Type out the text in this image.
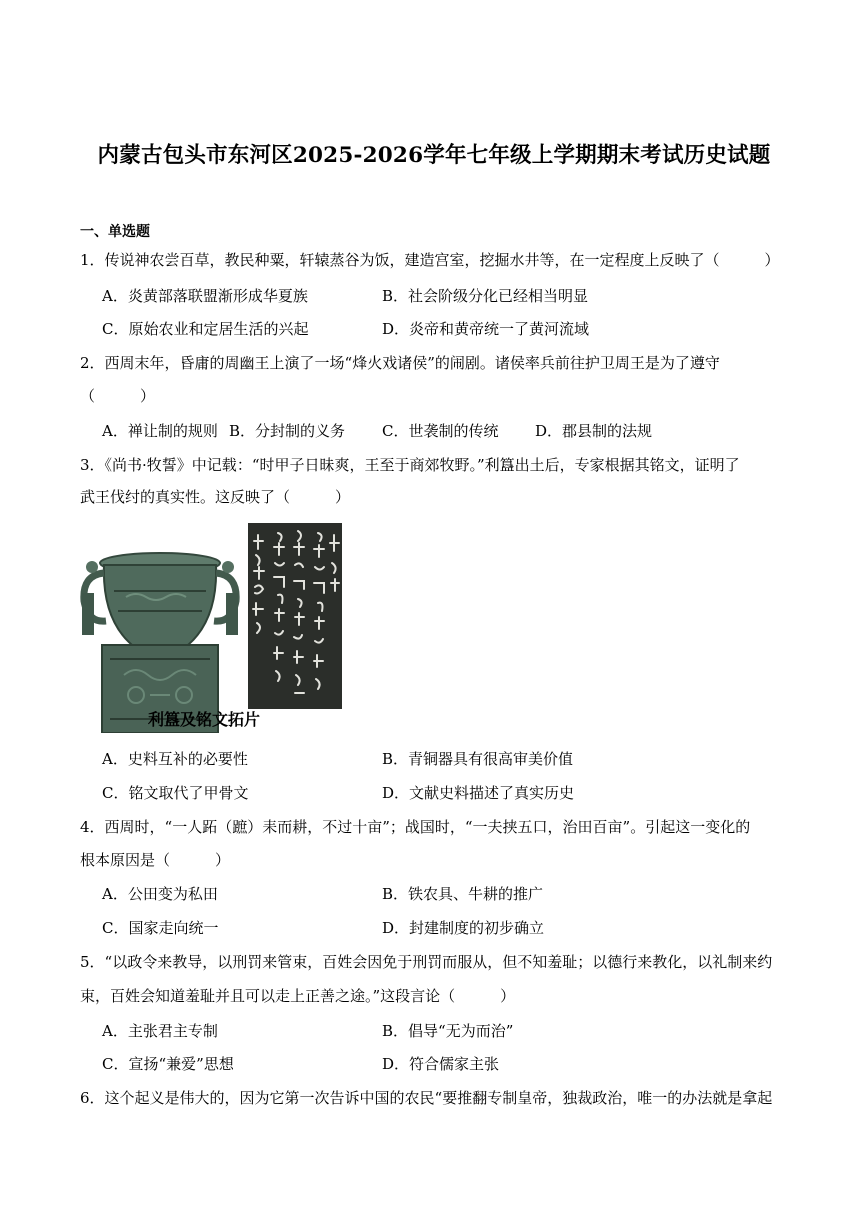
内蒙古包头市东河区2025-2026学年七年级上学期期末考试历史试题
一、单选题
1．传说神农尝百草，教民种粟，轩辕蒸谷为饭，建造宫室，挖掘水井等，在一定程度上反映了（　　　）
A．炎黄部落联盟渐形成华夏族	B．社会阶级分化已经相当明显
C．原始农业和定居生活的兴起	D．炎帝和黄帝统一了黄河流域
2．西周末年，昏庸的周幽王上演了一场“烽火戏诸侯”的闹剧。诸侯率兵前往护卫周王是为了遵守
（　　　）
A．禅让制的规则 B．分封制的义务 C．世袭制的传统 D．郡县制的法规
3．《尚书·牧誓》中记载：“时甲子日昧爽，王至于商郊牧野。”利簋出土后，专家根据其铭文，证明了
武王伐纣的真实性。这反映了（　　　）
利簋及铭文拓片
A．史料互补的必要性	B．青铜器具有很高审美价值
C．铭文取代了甲骨文	D．文献史料描述了真实历史
4．西周时，“一人跖（蹠）耒而耕，不过十亩”；战国时，“一夫挟五口，治田百亩”。引起这一变化的
根本原因是（　　　）
A．公田变为私田	B．铁农具、牛耕的推广
C．国家走向统一	D．封建制度的初步确立
5．“以政令来教导，以刑罚来管束，百姓会因免于刑罚而服从，但不知羞耻；以德行来教化，以礼制来约
束，百姓会知道羞耻并且可以走上正善之途。”这段言论（　　　）
A．主张君主专制	B．倡导“无为而治”
C．宣扬“兼爱”思想	D．符合儒家主张
6．这个起义是伟大的，因为它第一次告诉中国的农民“要推翻专制皇帝，独裁政治，唯一的办法就是拿起
